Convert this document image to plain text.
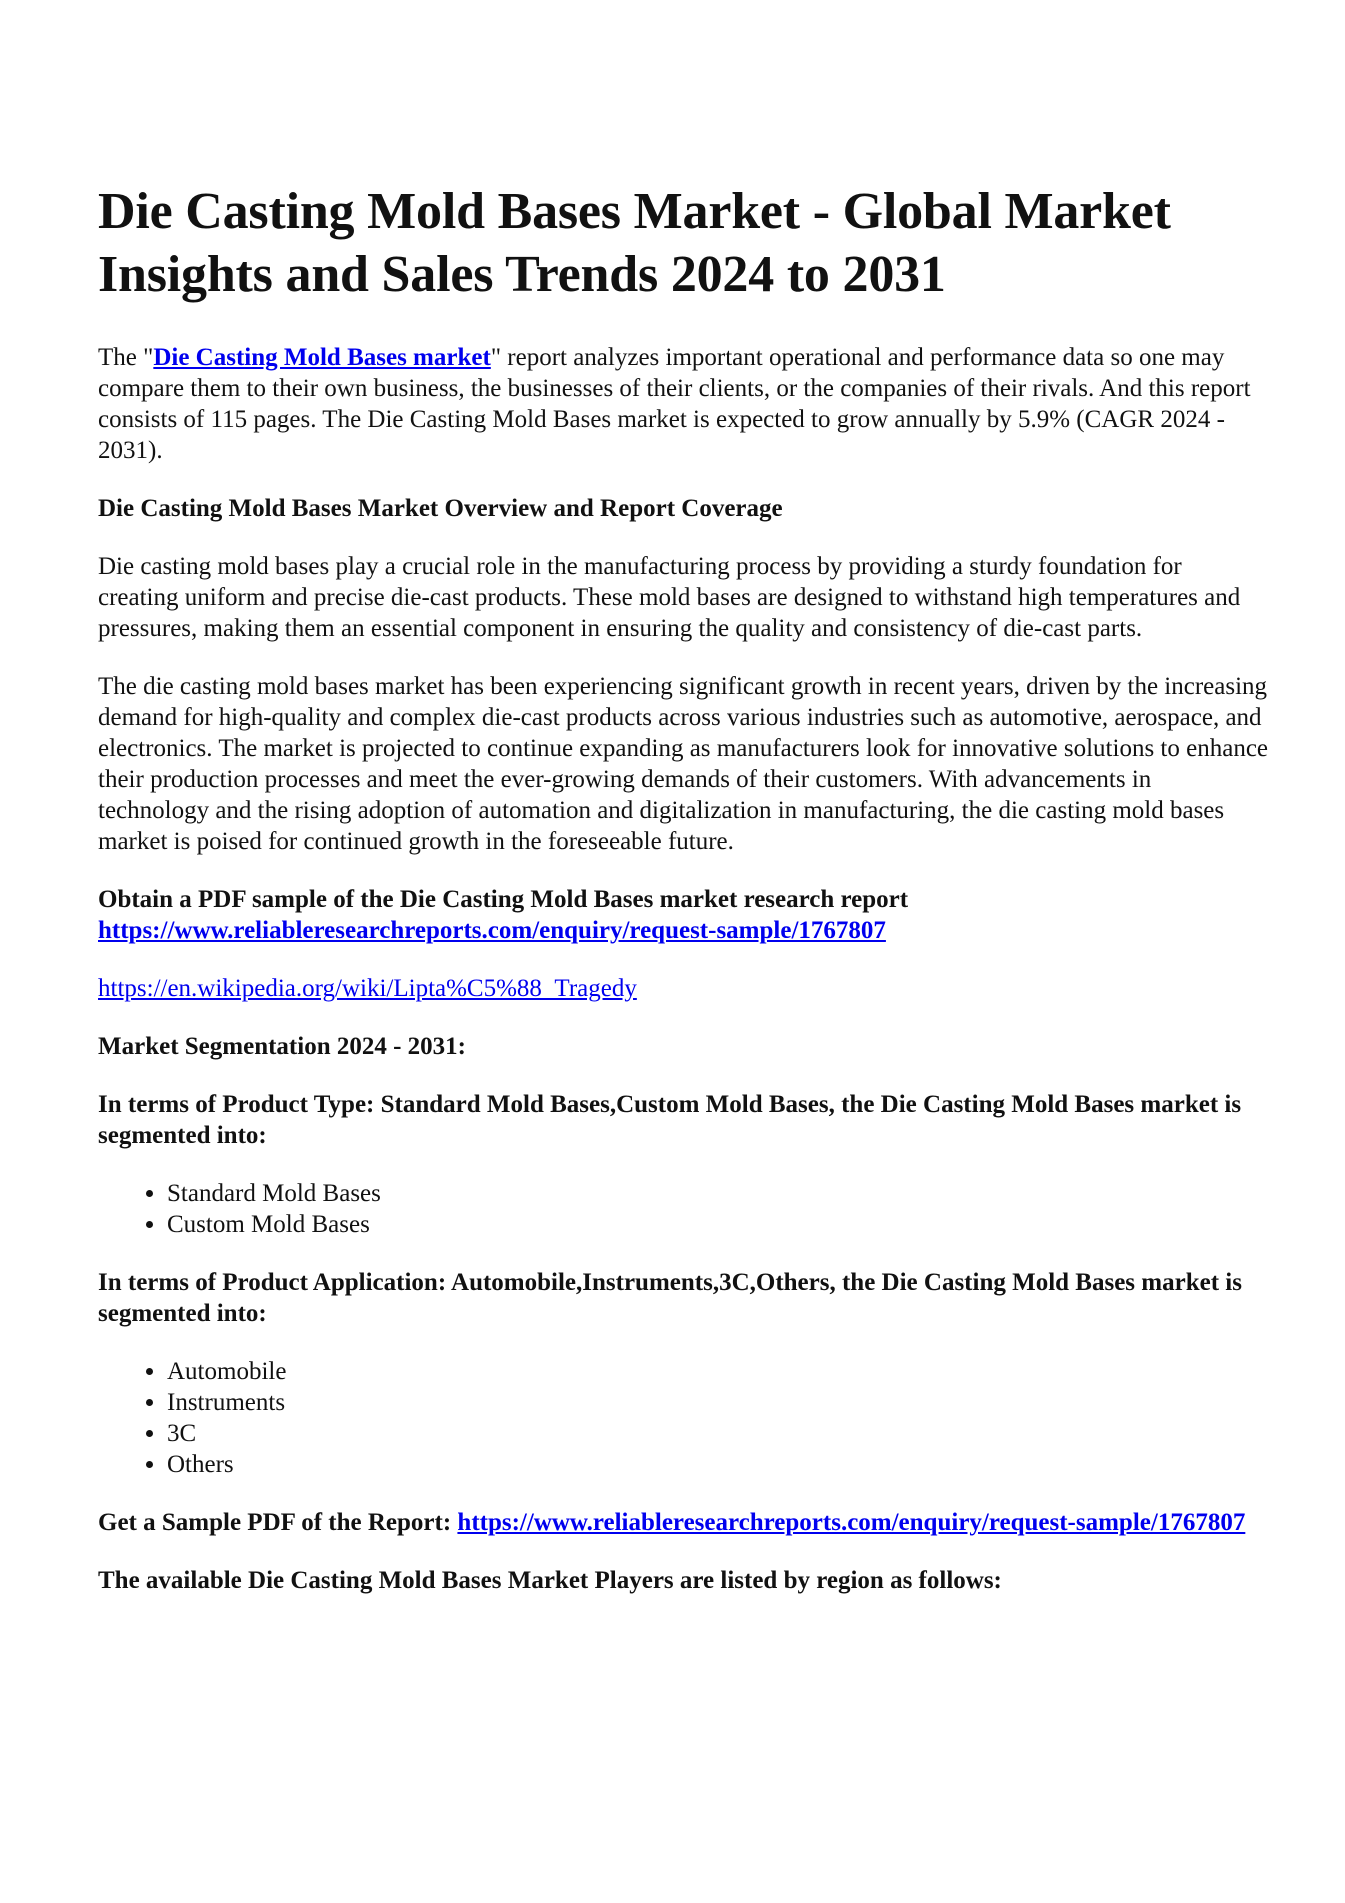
Die Casting Mold Bases Market - Global Market Insights and Sales Trends 2024 to 2031

The "Die Casting Mold Bases market" report analyzes important operational and performance data so one may compare them to their own business, the businesses of their clients, or the companies of their rivals. And this report consists of 115 pages. The Die Casting Mold Bases market is expected to grow annually by 5.9% (CAGR 2024 - 2031).

Die Casting Mold Bases Market Overview and Report Coverage

Die casting mold bases play a crucial role in the manufacturing process by providing a sturdy foundation for creating uniform and precise die-cast products. These mold bases are designed to withstand high temperatures and pressures, making them an essential component in ensuring the quality and consistency of die-cast parts.

The die casting mold bases market has been experiencing significant growth in recent years, driven by the increasing demand for high-quality and complex die-cast products across various industries such as automotive, aerospace, and electronics. The market is projected to continue expanding as manufacturers look for innovative solutions to enhance their production processes and meet the ever-growing demands of their customers. With advancements in technology and the rising adoption of automation and digitalization in manufacturing, the die casting mold bases market is poised for continued growth in the foreseeable future.

Obtain a PDF sample of the Die Casting Mold Bases market research report https://www.reliableresearchreports.com/enquiry/request-sample/1767807

https://en.wikipedia.org/wiki/Lipta%C5%88_Tragedy

Market Segmentation 2024 - 2031:

In terms of Product Type: Standard Mold Bases,Custom Mold Bases, the Die Casting Mold Bases market is segmented into:

• Standard Mold Bases
• Custom Mold Bases

In terms of Product Application: Automobile,Instruments,3C,Others, the Die Casting Mold Bases market is segmented into:

• Automobile
• Instruments
• 3C
• Others

Get a Sample PDF of the Report: https://www.reliableresearchreports.com/enquiry/request-sample/1767807

The available Die Casting Mold Bases Market Players are listed by region as follows:
